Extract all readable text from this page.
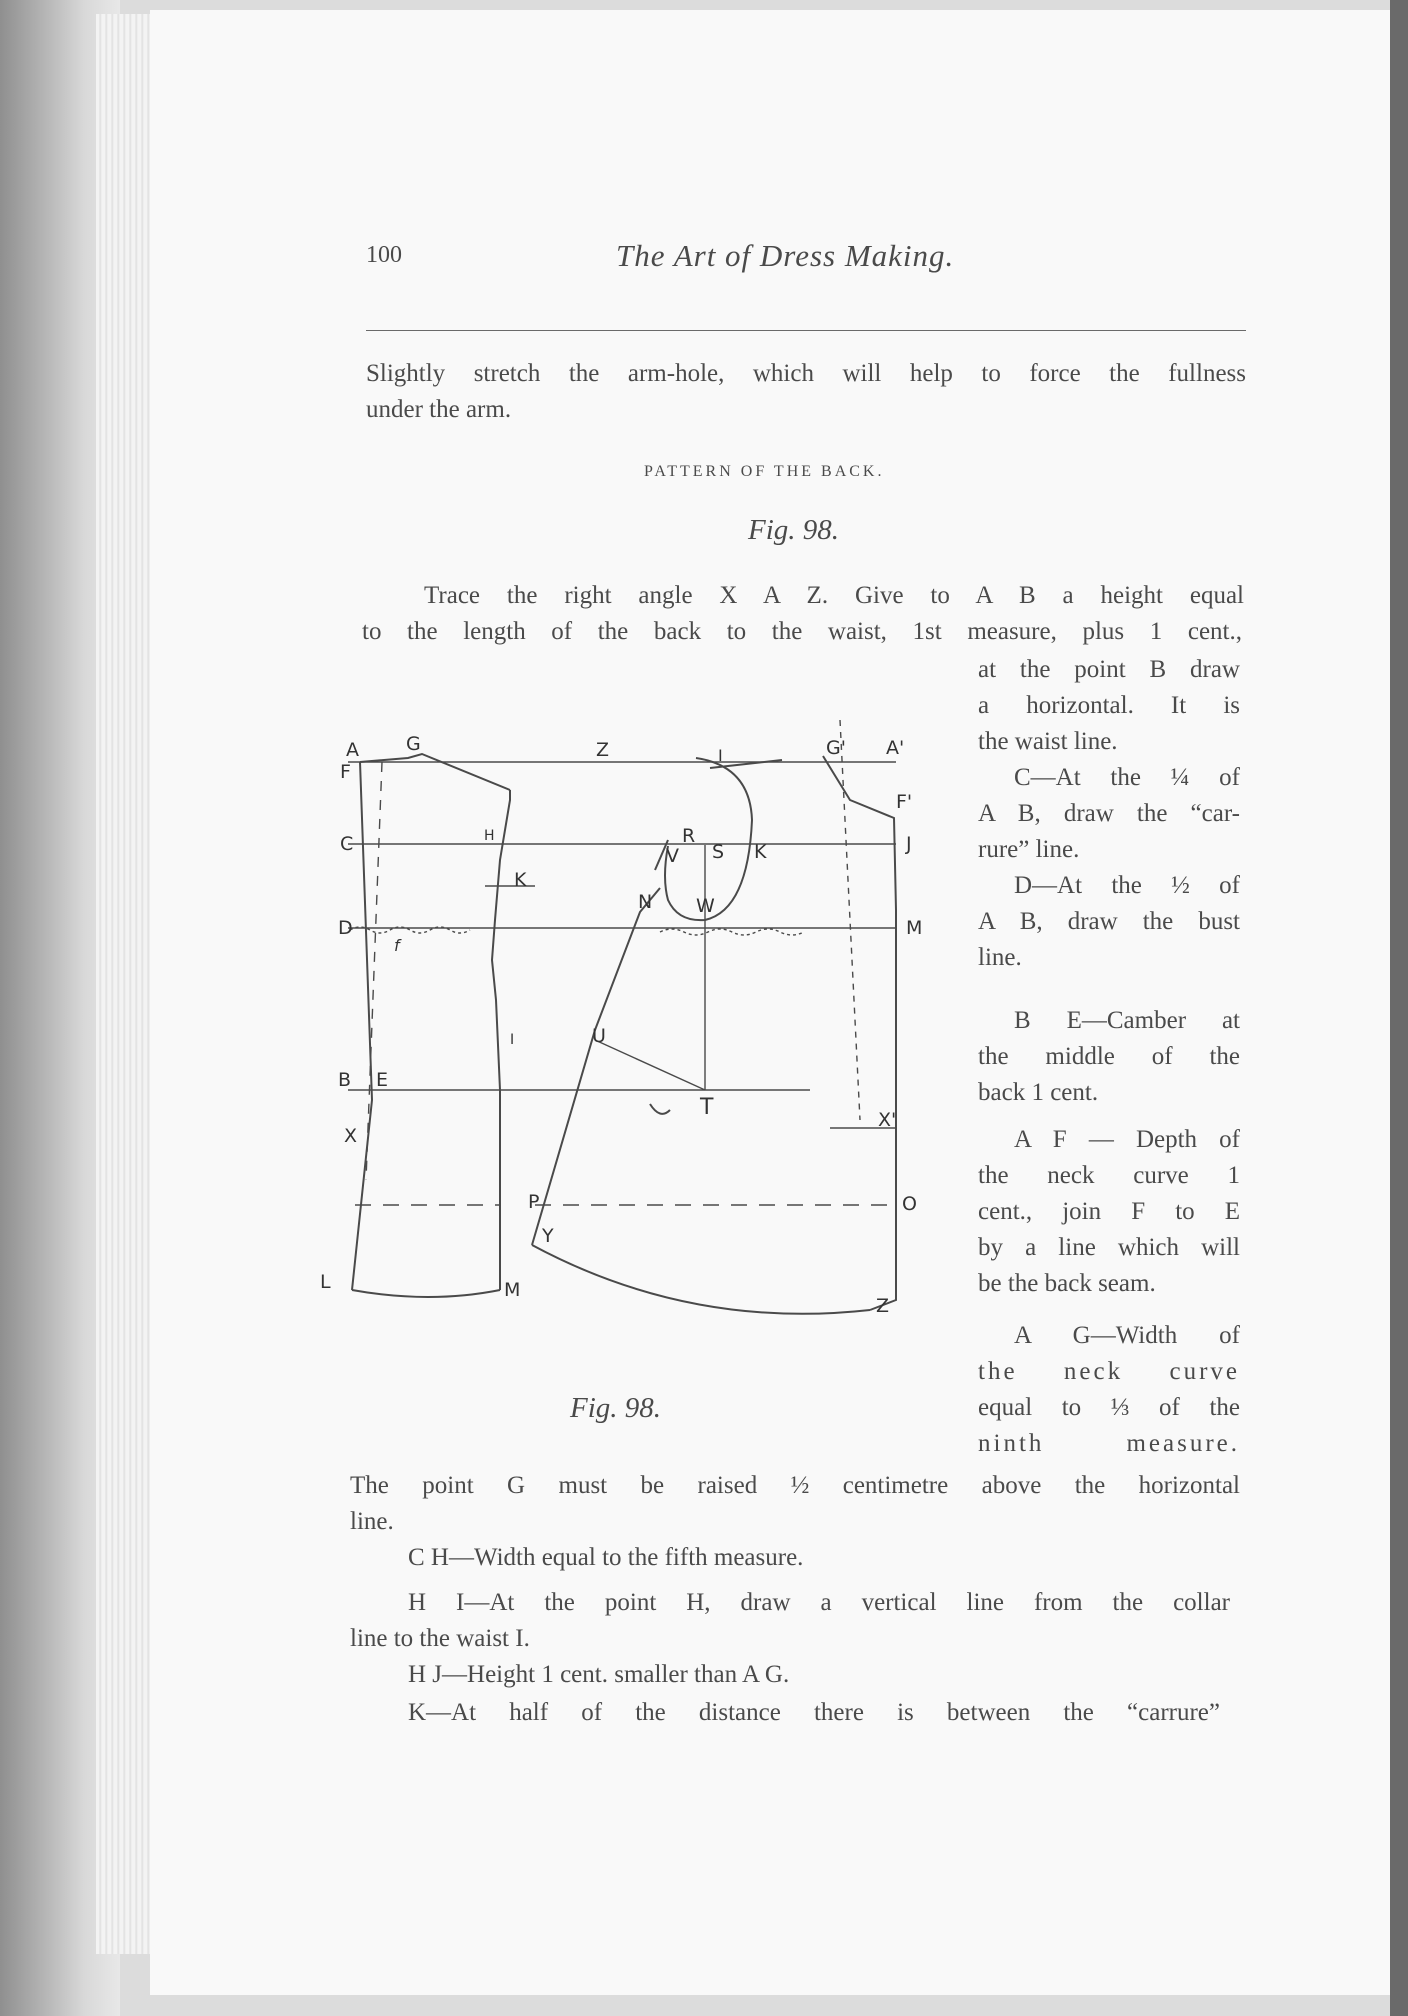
100	The Art of Dress Making.
Slightly stretch the arm-hole, which will help to force the fullness
under the arm.
PATTERN OF THE BACK.
Fig. 98.
Trace the right angle X A Z. Give to A B a height equal
to the length of the back to the waist, 1st measure, plus 1 cent.,
at the point B draw
a horizontal. It is
the waist line.
C—At the ¼ of
A B, draw the “car-
rure” line.
D—At the ½ of
A B, draw the bust
line.
B E—Camber at
the middle of the
back 1 cent.
A F — Depth of
the neck curve 1
cent., join F to E
by a line which will
be the back seam.
A G—Width of
the neck curve
equal to ⅓ of the
ninth measure.
A G
F
C
D
B E
X
L	M
H
K
I
f
Z	A'
G'
F'
J
M
I
R
S K
V
N W
U
T	X'
P
Y
O
Z
Fig. 98.
The point G must be raised ½ centimetre above the horizontal
line.
C H—Width equal to the fifth measure.
H I—At the point H, draw a vertical line from the collar
line to the waist I.
H J—Height 1 cent. smaller than A G.
K—At half of the distance there is between the “carrure”
